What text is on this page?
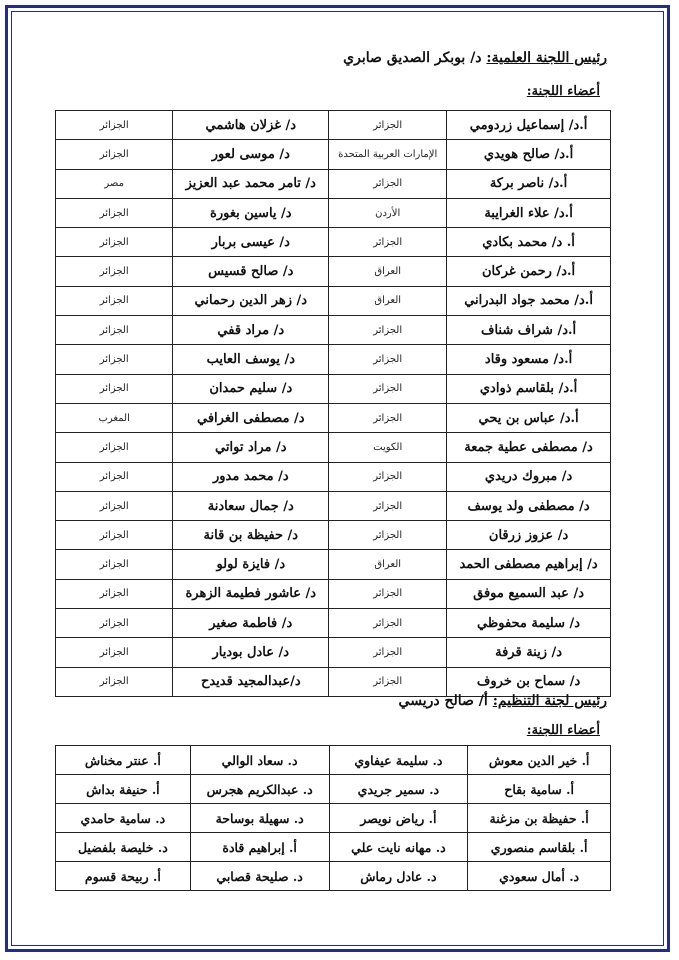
رئيس اللجنة العلمية: د/ بوبكر الصديق صابري
أعضاء اللجنة:
أ.د/ إسماعيل زردومي	الجزائر	د/ غزلان هاشمي	الجزائر
أ.د/ صالح هويدي	الإمارات العربية المتحدة	د/ موسى لعور	الجزائر
أ.د/ ناصر بركة	الجزائر	د/ تامر محمد عبد العزيز	مصر
أ.د/ علاء الغرايبة	الأردن	د/ ياسين بغورة	الجزائر
أ. د/ محمد بكادي	الجزائر	د/ عيسى بربار	الجزائر
أ.د/ رحمن غركان	العراق	د/ صالح قسيس	الجزائر
أ.د/ محمد جواد البدراني	العراق	د/ زهر الدين رحماني	الجزائر
أ.د/ شراف شناف	الجزائر	د/ مراد قفي	الجزائر
أ.د/ مسعود وقاد	الجزائر	د/ يوسف العايب	الجزائر
أ.د/ بلقاسم ذوادي	الجزائر	د/ سليم حمدان	الجزائر
أ.د/ عباس بن يحي	الجزائر	د/ مصطفى الغرافي	المغرب
د/ مصطفى عطية جمعة	الكويت	د/ مراد تواتي	الجزائر
د/ مبروك دريدي	الجزائر	د/ محمد مدور	الجزائر
د/ مصطفى ولد يوسف	الجزائر	د/ جمال سعادنة	الجزائر
د/ عزوز زرقان	الجزائر	د/ حفيظة بن قانة	الجزائر
د/ إبراهيم مصطفى الحمد	العراق	د/ فايزة لولو	الجزائر
د/ عبد السميع موفق	الجزائر	د/ عاشور فطيمة الزهرة	الجزائر
د/ سليمة محفوظي	الجزائر	د/ فاطمة صغير	الجزائر
د/ زينة قرفة	الجزائر	د/ عادل بوديار	الجزائر
د/ سماح بن خروف	الجزائر	د/عبدالمجيد قديدح	الجزائر
رئيس لجنة التنظيم: أ/ صالح دريسي
أعضاء اللجنة:
أ. خير الدين معوش	د. سليمة عيفاوي	د. سعاد الوالي	أ. عنتر مخناش
أ. سامية بقاح	د. سمير جريدي	د. عبدالكريم هجرس	أ. حنيفة بداش
أ. حفيظة بن مزغنة	أ. رياض نويصر	د. سهيلة بوساحة	د. سامية حامدي
أ. بلقاسم منصوري	د. مهانه نايت علي	أ. إبراهيم قادة	د. خليصة بلفضيل
د. أمال سعودي	د. عادل رماش	د. صليحة قصابي	أ. ربيحة قسوم
